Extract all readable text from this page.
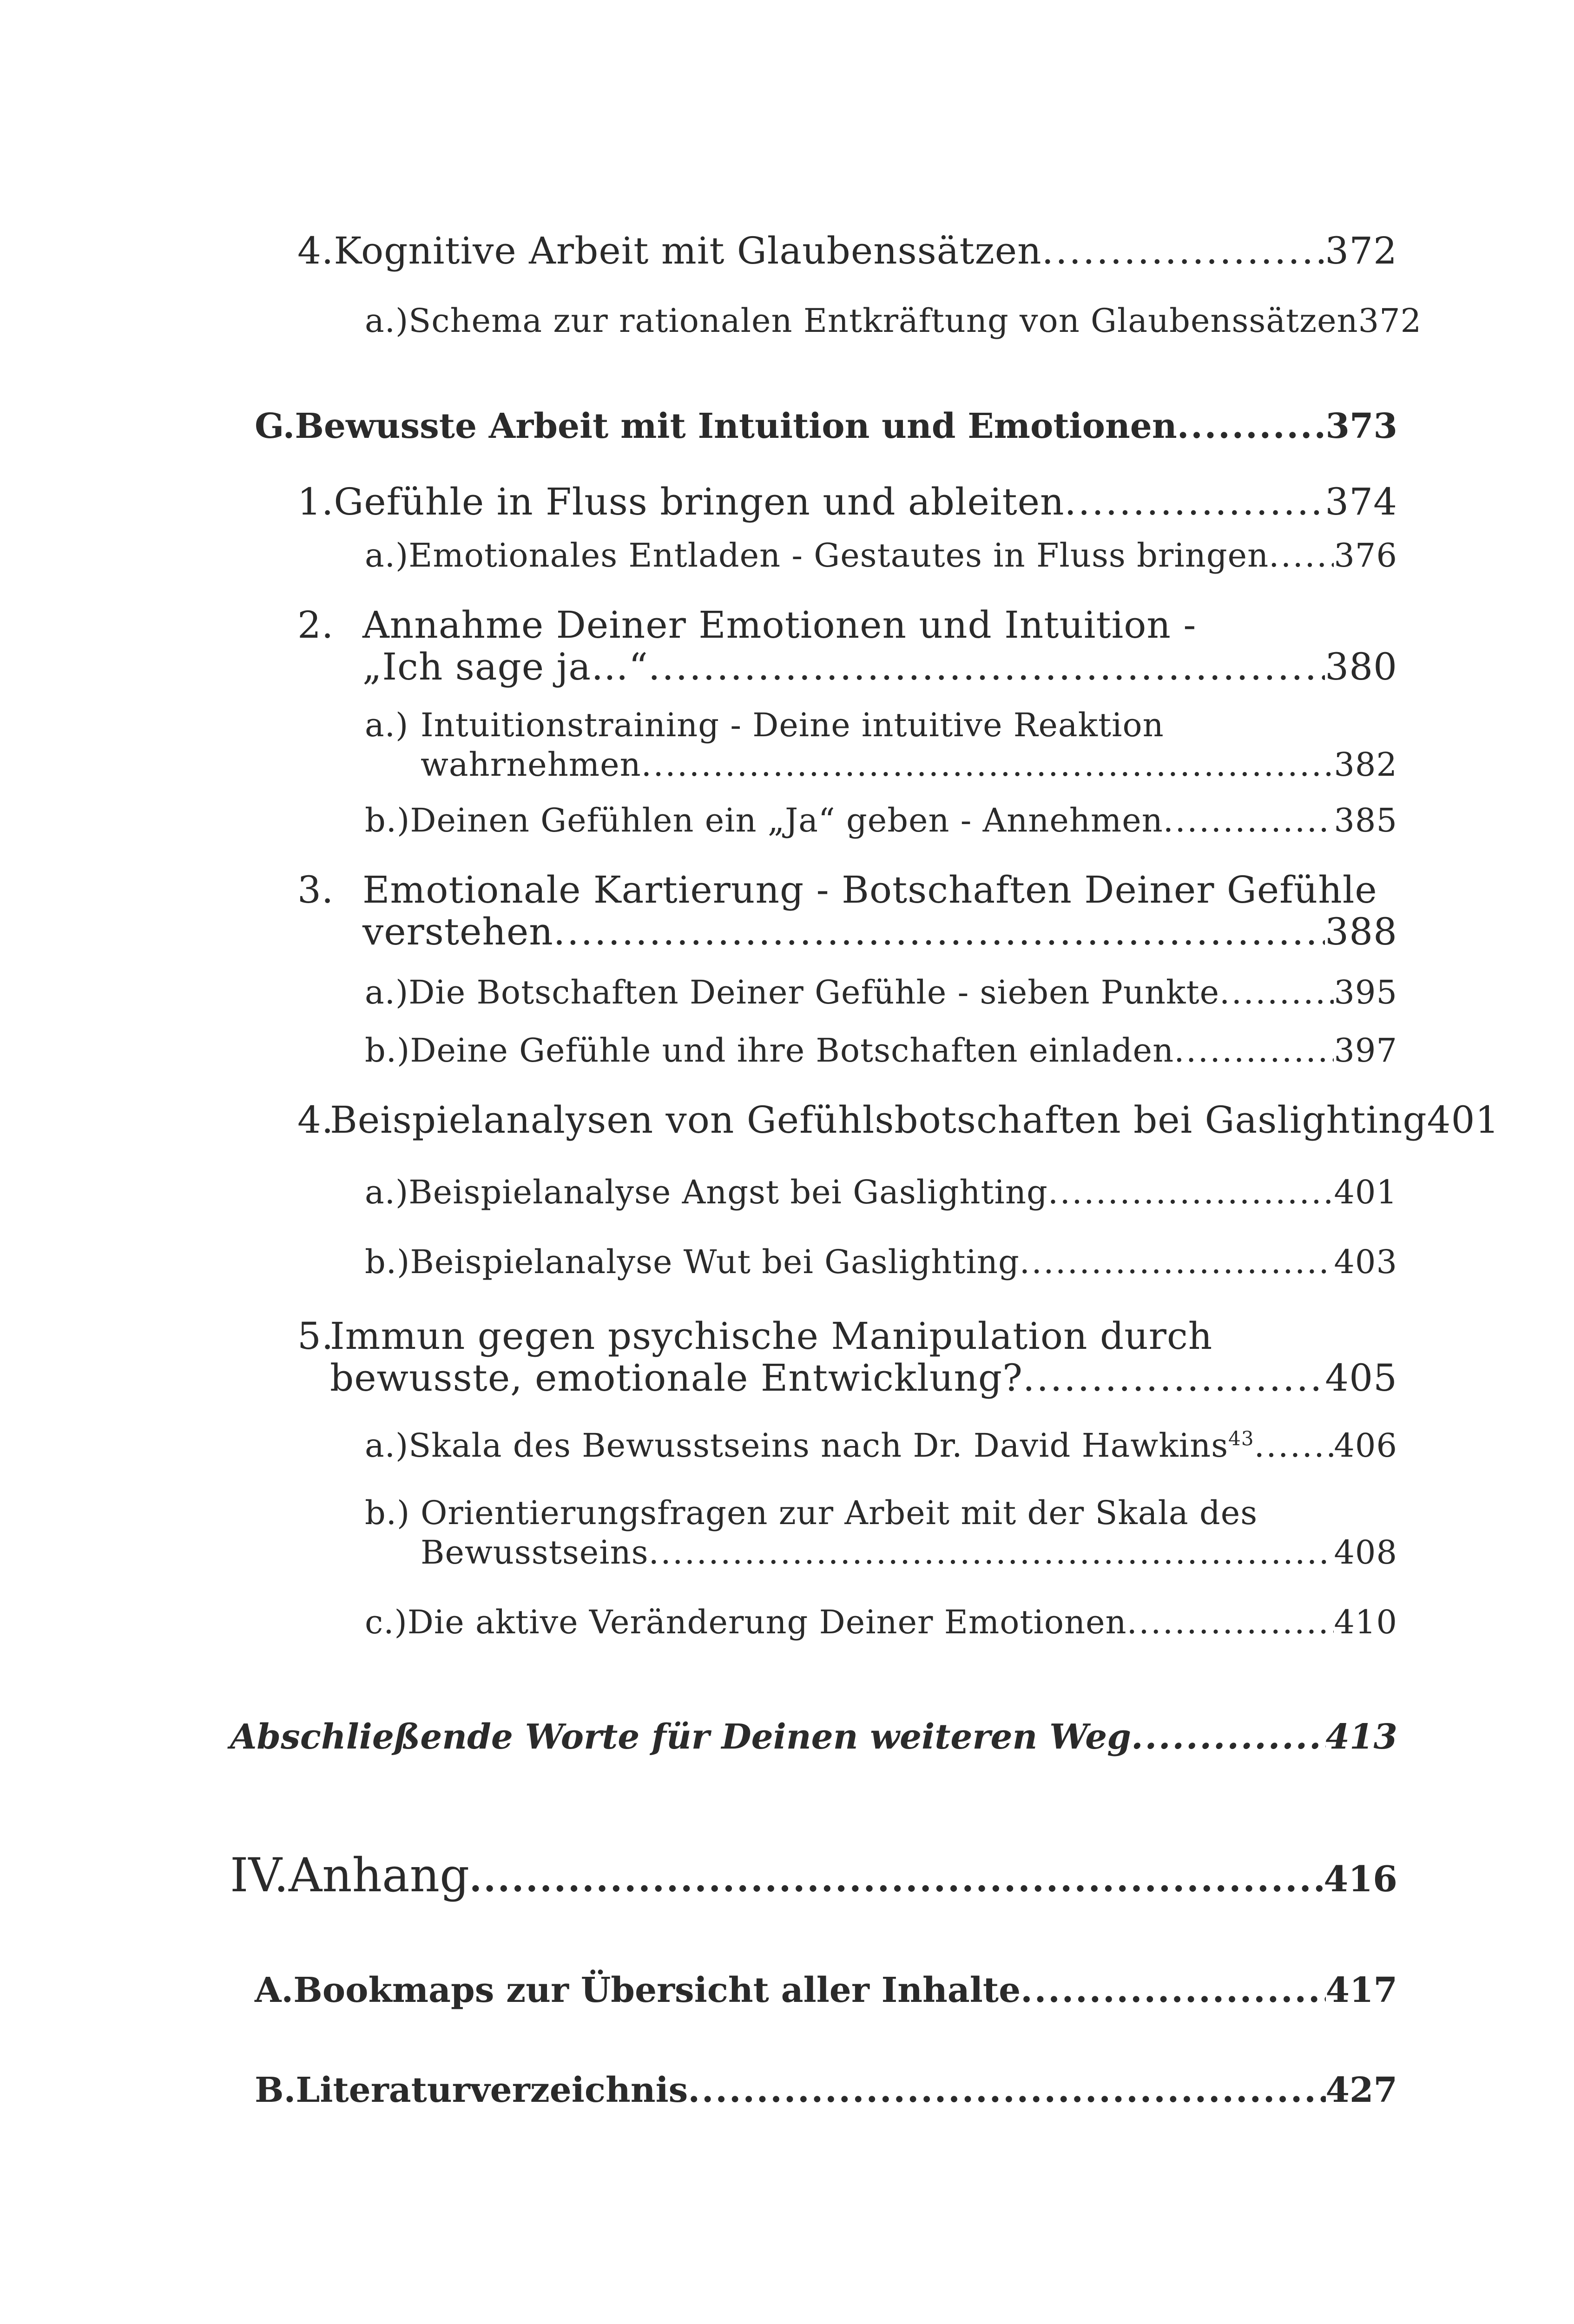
4. Kognitive Arbeit mit Glaubenssätzen .....	372
a.) Schema zur rationalen Entkräftung von Glaubenssätzen 372
G. Bewusste Arbeit mit Intuition und Emotionen .....	373
1. Gefühle in Fluss bringen und ableiten .....	374
a.) Emotionales Entladen - Gestautes in Fluss bringen ..... 376
2. Annahme Deiner Emotionen und Intuition -
„Ich sage ja…“ .....	380
a.) Intuitionstraining - Deine intuitive Reaktion
wahrnehmen .....	382
b.) Deinen Gefühlen ein „Ja“ geben - Annehmen .....	385
3. Emotionale Kartierung - Botschaften Deiner Gefühle
verstehen .....	388
a.) Die Botschaften Deiner Gefühle - sieben Punkte .....	395
b.) Deine Gefühle und ihre Botschaften einladen .....	397
4.
Beispielanalysen von Gefühlsbotschaften bei Gaslighting 401
a.) Beispielanalyse Angst bei Gaslighting .....	401
b.) Beispielanalyse Wut bei Gaslighting .....	403
5.Immun gegen psychische Manipulation durch
bewusste, emotionale Entwicklung? .....	405
a.) Skala des Bewusstseins nach Dr. David Hawkins$^{43}$ ..... 406
b.) Orientierungsfragen zur Arbeit mit der Skala des
Bewusstseins .....	408
c.) Die aktive Veränderung Deiner Emotionen .....	410
Abschließende Worte für Deinen weiteren Weg .....	413
IV. Anhang .....	416
A. Bookmaps zur Übersicht aller Inhalte .....	417
B. Literaturverzeichnis .....	427
